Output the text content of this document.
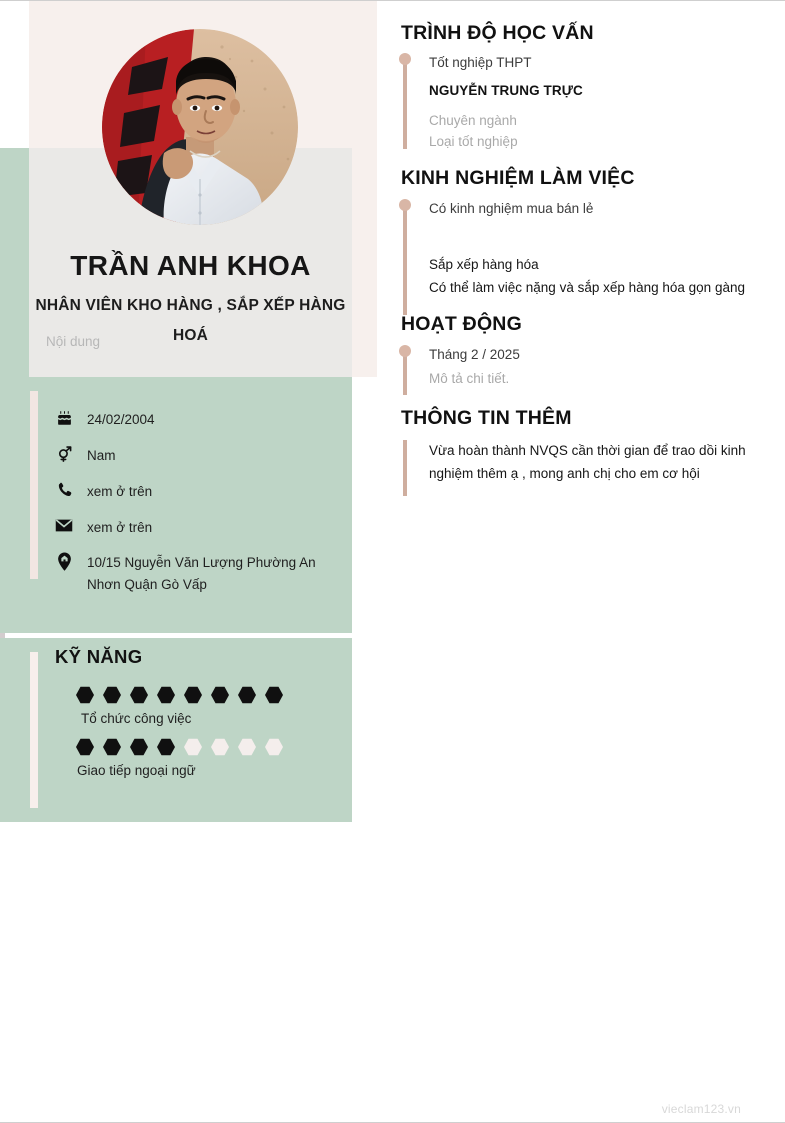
TRẦN ANH KHOA
NHÂN VIÊN KHO HÀNG , SẮP XẾP HÀNG HOÁ
Nội dung
24/02/2004
Nam
xem ở trên
xem ở trên
10/15 Nguyễn Văn Lượng Phường An Nhơn Quận Gò Vấp
KỸ NĂNG
Tổ chức công việc
Giao tiếp ngoại ngữ
TRÌNH ĐỘ HỌC VẤN

Tốt nghiệp THPT

NGUYỄN TRUNG TRỰC

Chuyên ngành

Loại tốt nghiệp

KINH NGHIỆM LÀM VIỆC

Có kinh nghiệm mua bán lẻ

Sắp xếp hàng hóa

Có thể làm việc nặng và sắp xếp hàng hóa gọn gàng

HOẠT ĐỘNG

Tháng 2 / 2025

Mô tả chi tiết.

THÔNG TIN THÊM

Vừa hoàn thành NVQS cần thời gian để trao dồi kinh nghiệm thêm ạ , mong anh chị cho em cơ hội

vieclam123.vn
